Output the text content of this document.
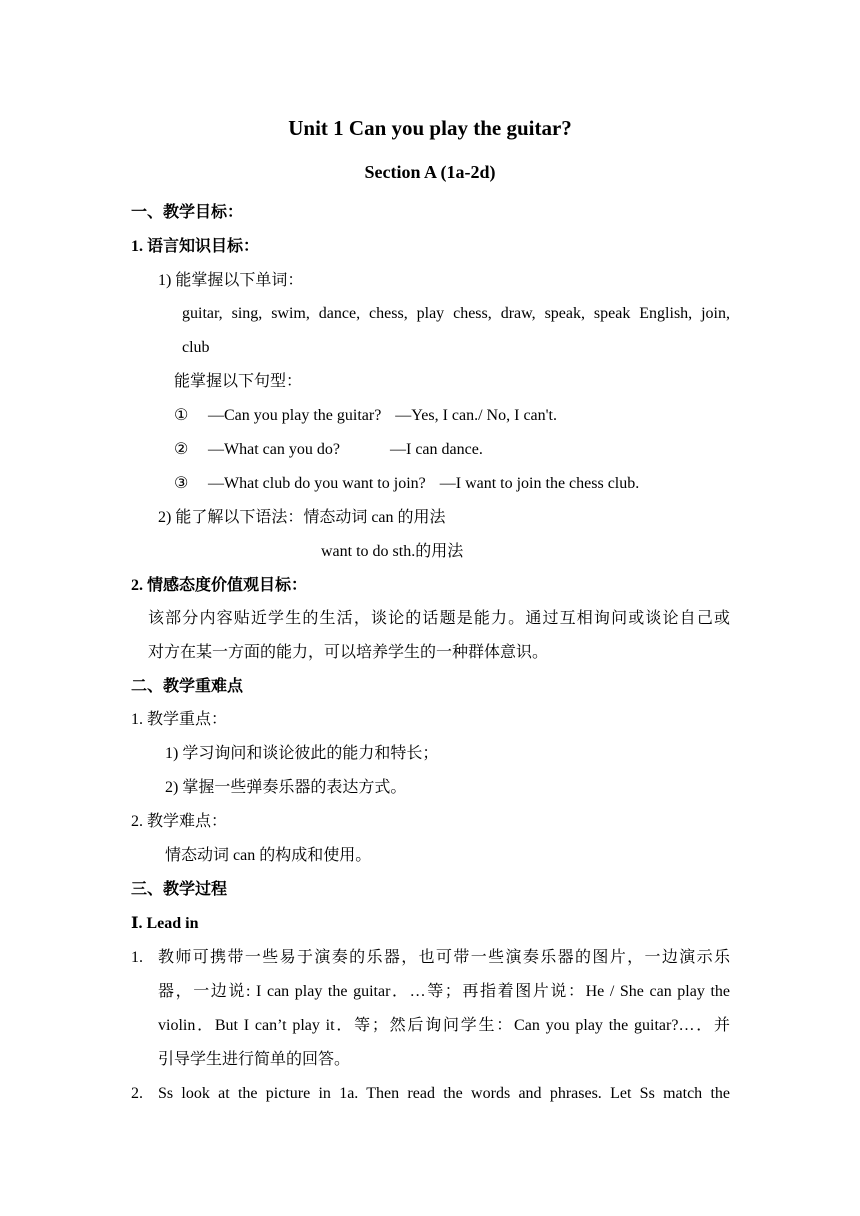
Unit 1 Can you play the guitar?
Section A (1a-2d)
一、教学目标：
1. 语言知识目标：
1) 能掌握以下单词：
guitar, sing, swim, dance, chess, play chess, draw, speak, speak English, join,
club
能掌握以下句型：
① —Can you play the guitar? —Yes, I can./ No, I can't.
② —What can you do?	—I can dance.
③ —What club do you want to join? —I want to join the chess club.
2) 能了解以下语法：情态动词 can 的用法
want to do sth.的用法
2. 情感态度价值观目标：
该部分内容贴近学生的生活，谈论的话题是能力。通过互相询问或谈论自己或
对方在某一方面的能力，可以培养学生的一种群体意识。
二、教学重难点
1. 教学重点：
1) 学习询问和谈论彼此的能力和特长；
2) 掌握一些弹奏乐器的表达方式。
2. 教学难点：
情态动词 can 的构成和使用。
三、教学过程
Ⅰ. Lead in
1. 教师可携带一些易于演奏的乐器，也可带一些演奏乐器的图片，一边演示乐
器，一边说: I can play the guitar．…等；再指着图片说：He / She can play the
violin．But I can’t play it．等；然后询问学生：Can you play the guitar?…．并
引导学生进行简单的回答。
2. Ss look at the picture in 1a. Then read the words and phrases. Let Ss match the
